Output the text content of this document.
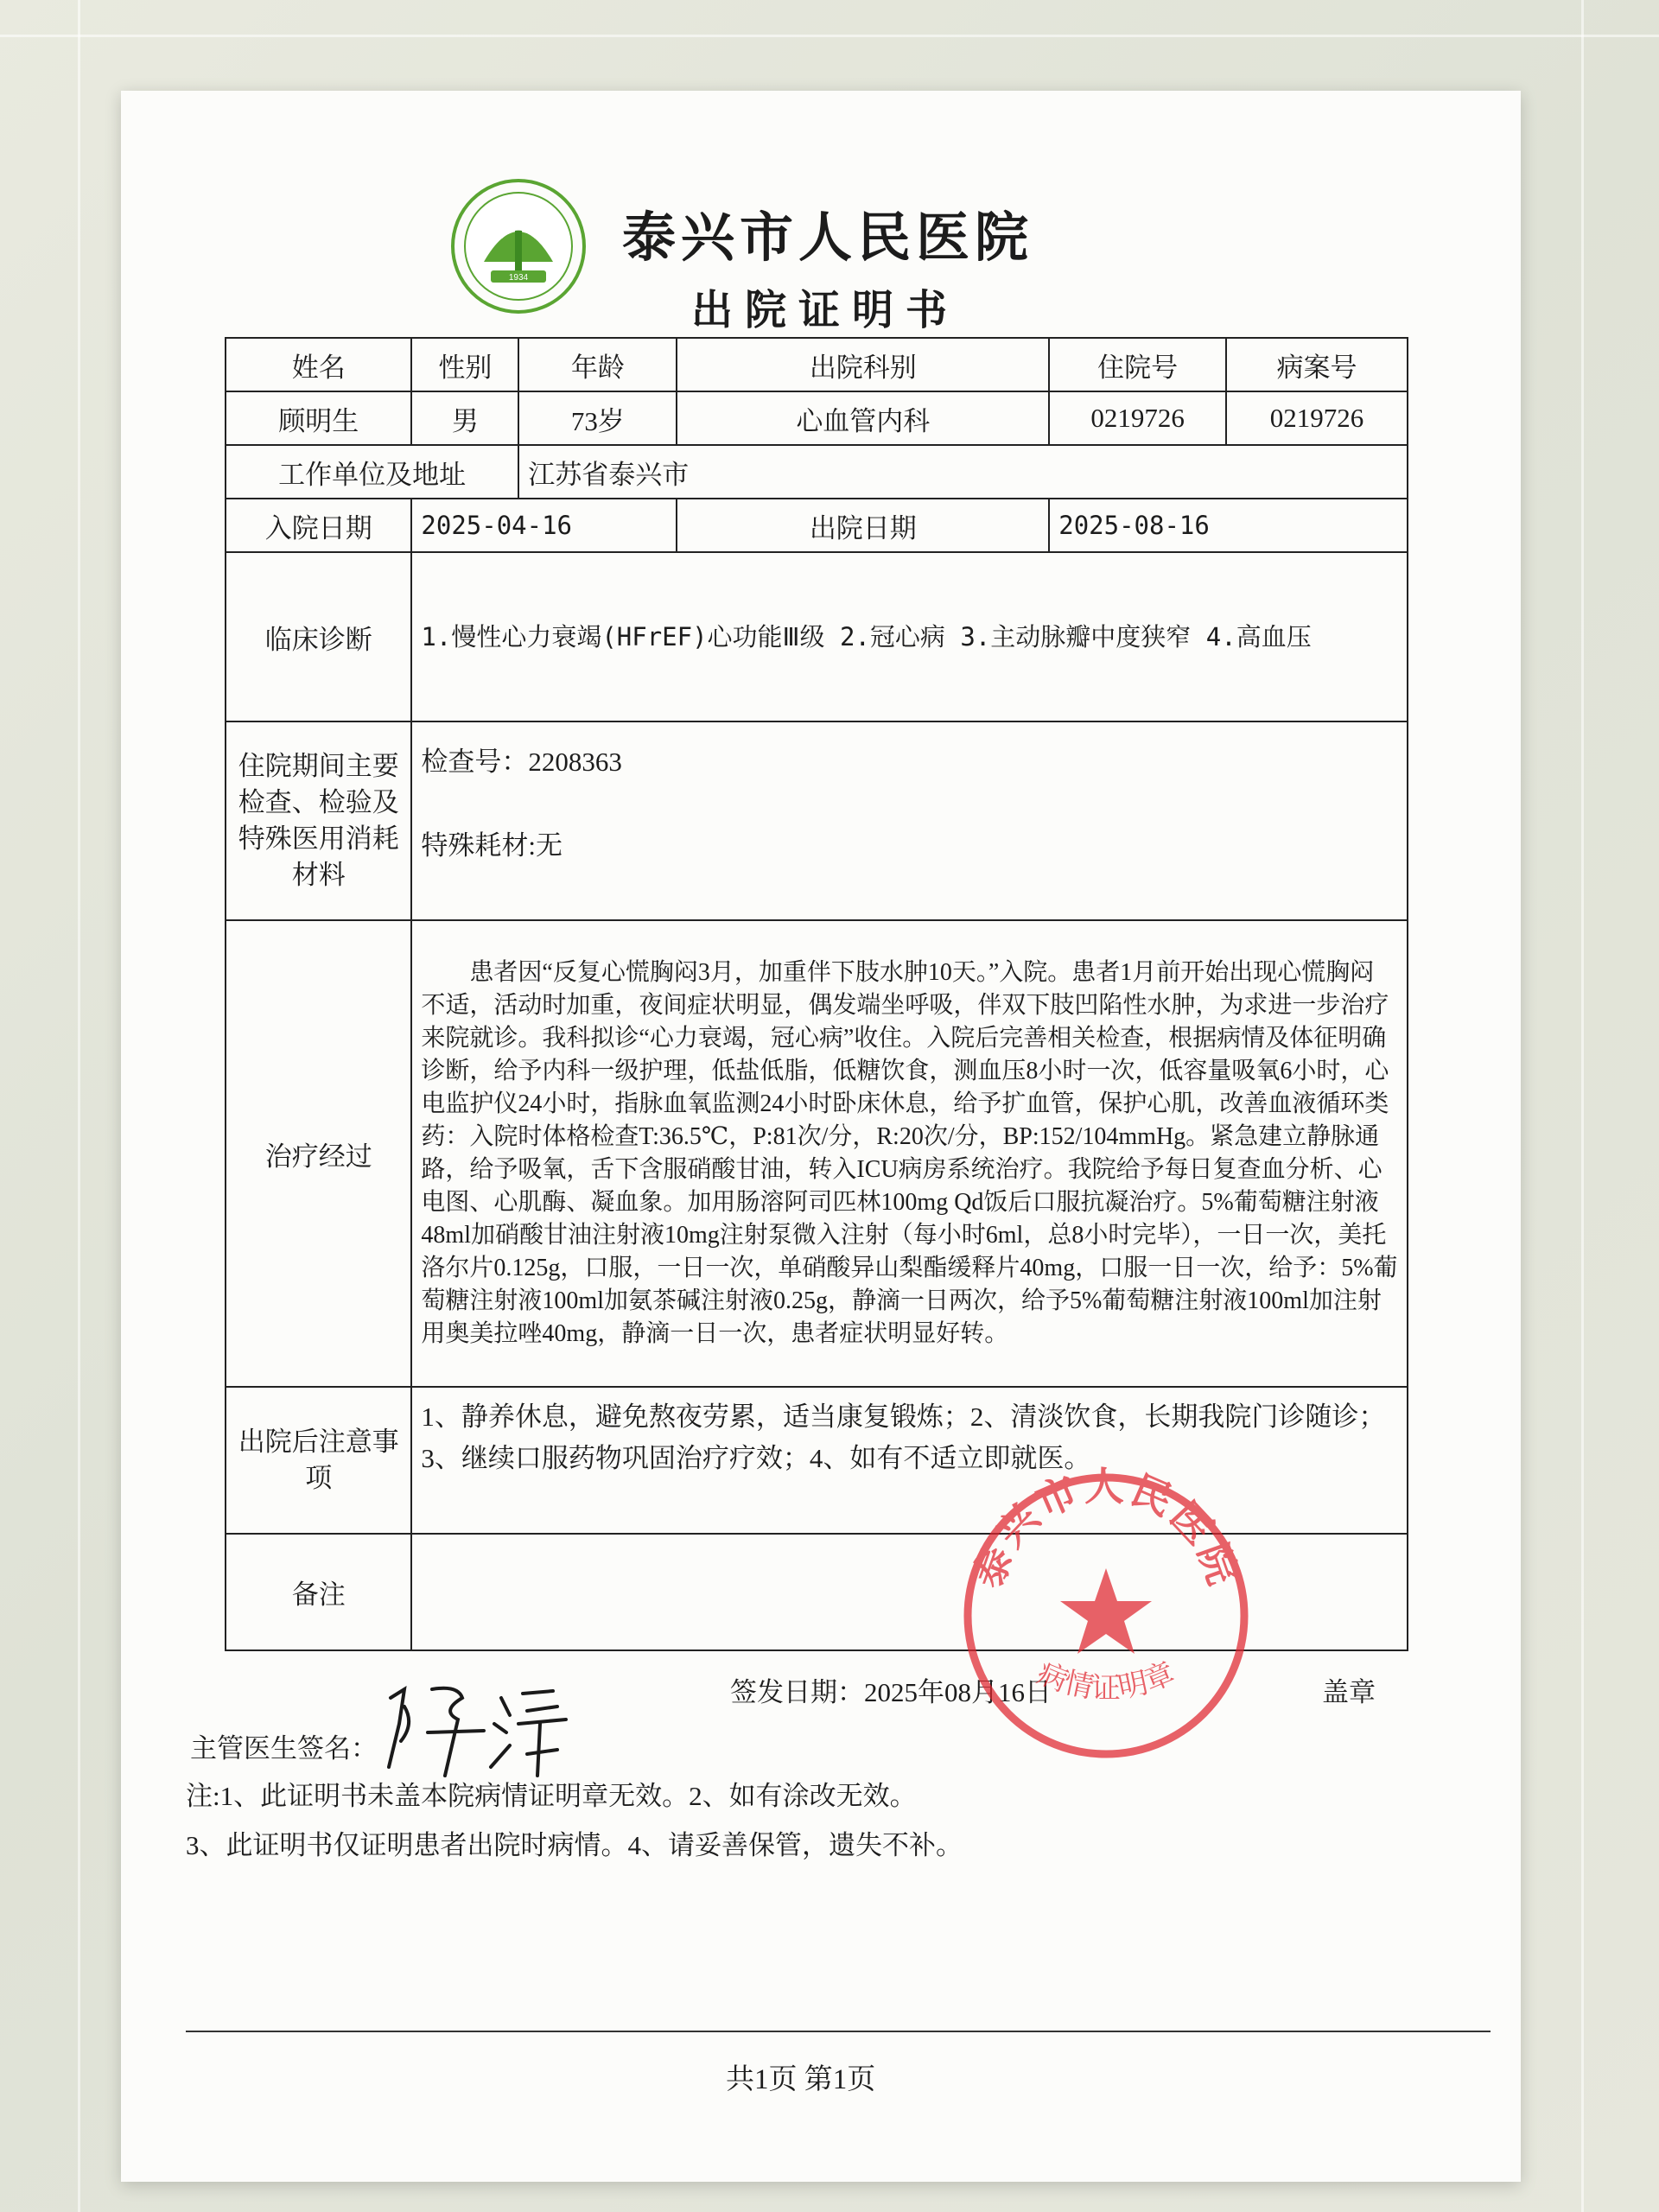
1934
泰兴市人民医院
出院证明书
姓名	性别	年龄	出院科别	住院号	病案号
顾明生	男	73岁	心血管内科	0219726	0219726
工作单位及地址		江苏省泰兴市			
入院日期	2025-04-16		出院日期	2025-08-16	
临床诊断	1.慢性心力衰竭(HFrEF)心功能Ⅲ级 2.冠心病 3.主动脉瓣中度狭窄 4.高血压				
住院期间主要检查、检验及特殊医用消耗材料	检查号：2208363
特殊耗材:无				

治疗经过	患者因“反复心慌胸闷3月，加重伴下肢水肿10天。”入院。患者1月前开始出现心慌胸闷不适，活动时加重，夜间症状明显，偶发端坐呼吸，伴双下肢凹陷性水肿，为求进一步治疗来院就诊。我科拟诊“心力衰竭，冠心病”收住。入院后完善相关检查，根据病情及体征明确诊断，给予内科一级护理，低盐低脂，低糖饮食，测血压8小时一次，低容量吸氧6小时，心电监护仪24小时，指脉血氧监测24小时卧床休息，给予扩血管，保护心肌，改善血液循环类药：入院时体格检查T:36.5℃，P:81次/分，R:20次/分，BP:152/104mmHg。紧急建立静脉通路，给予吸氧，舌下含服硝酸甘油，转入ICU病房系统治疗。我院给予每日复查血分析、心电图、心肌酶、凝血象。加用肠溶阿司匹林100mg Qd饭后口服抗凝治疗。5%葡萄糖注射液48ml加硝酸甘油注射液10mg注射泵微入注射（每小时6ml，总8小时完毕），一日一次，美托洛尔片0.125g，口服，一日一次，单硝酸异山梨酯缓释片40mg，口服一日一次，给予：5%葡萄糖注射液100ml加氨茶碱注射液0.25g，静滴一日两次，给予5%葡萄糖注射液100ml加注射用奥美拉唑40mg，静滴一日一次，患者症状明显好转。				
出院后注意事项	1、静养休息，避免熬夜劳累，适当康复锻炼；2、清淡饮食，长期我院门诊随诊；3、继续口服药物巩固治疗疗效；4、如有不适立即就医。				
备注					
签发日期：2025年08月16日	盖章
主管医生签名：
注:1、此证明书未盖本院病情证明章无效。2、如有涂改无效。
3、此证明书仅证明患者出院时病情。4、请妥善保管，遗失不补。
泰兴市人民医院
病情证明章
共1页 第1页
